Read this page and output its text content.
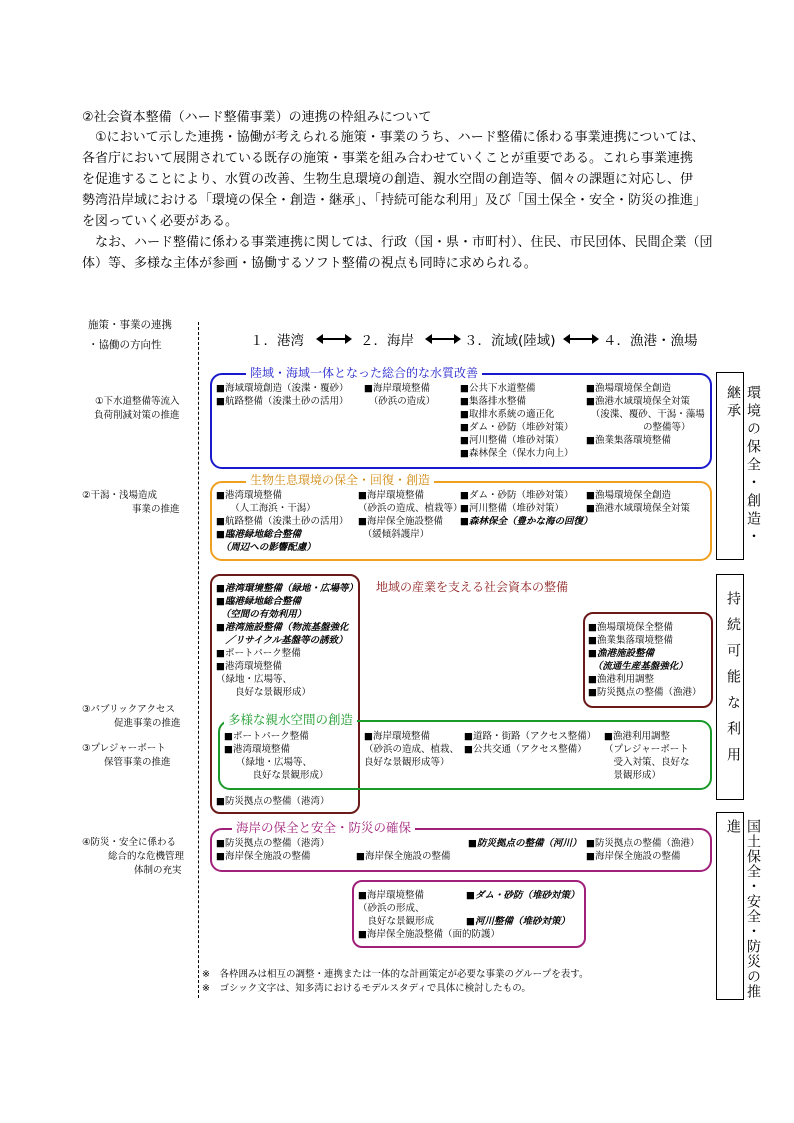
②社会資本整備（ハード整備事業）の連携の枠組みについて
　①において示した連携・協働が考えられる施策・事業のうち、ハード整備に係わる事業連携については、
各省庁において展開されている既存の施策・事業を組み合わせていくことが重要である。これら事業連携
を促進することにより、水質の改善、生物生息環境の創造、親水空間の創造等、個々の課題に対応し、伊
勢湾沿岸域における「環境の保全・創造・継承」、「持続可能な利用」及び「国土保全・安全・防災の推進」
を図っていく必要がある。
　なお、ハード整備に係わる事業連携に関しては、行政（国・県・市町村）、住民、市民団体、民間企業（団
体）等、多様な主体が参画・協働するソフト整備の視点も同時に求められる。
施策・事業の連携
・協働の方向性	１．港湾	２．海岸	３．流域(陸域)	４．漁港・漁場
①下水道整備等流入
負荷削減対策の推進
②干潟・浅場造成
事業の推進
③パブリックアクセス
促進事業の推進
③プレジャーボート
保管事業の推進
④防災・安全に係わる
総合的な危機管理
体制の充実
陸域・海域一体となった総合的な水質改善
■海域環境創造（浚渫・覆砂）
■航路整備（浚渫土砂の活用）
■海岸環境整備
　（砂浜の造成）
■公共下水道整備
■集落排水整備
■取排水系統の適正化
■ダム・砂防（堆砂対策）
■河川整備（堆砂対策）
■森林保全（保水力向上）
■漁場環境保全創造
■漁港水域環境保全対策
　（浚渫、覆砂、干潟・藻場
　　　　　　の整備等）
■漁業集落環境整備
生物生息環境の保全・回復・創造
■港湾環境整備
　　（人工海浜・干潟）
■航路整備（浚渫土砂の活用）
■臨港緑地総合整備
　（周辺への影響配慮）
■海岸環境整備
（砂浜の造成、植栽等）
■海岸保全施設整備
　（緩傾斜護岸）
■ダム・砂防（堆砂対策）
■河川整備（堆砂対策）
■森林保全（豊かな海の回復）
■漁場環境保全創造
■漁港水域環境保全対策
地域の産業を支える社会資本の整備
■港湾環境整備（緑地・広場等）
■臨港緑地総合整備
　（空間の有効利用）
■港湾施設整備（物流基盤強化
　／リサイクル基盤等の誘致）
■ポートパーク整備
■港湾環境整備
（緑地・広場等、
　　良好な景観形成）
■漁場環境保全整備
■漁業集落環境整備
■漁港施設整備
　（流通生産基盤強化）
■漁港利用調整
■防災拠点の整備（漁港）
多様な親水空間の創造
■ポートパーク整備
■港湾環境整備
（緑地・広場等、
　　　良好な景観形成）
■海岸環境整備
（砂浜の造成、植栽、
良好な景観形成等）
■道路・街路（アクセス整備）
■公共交通（アクセス整備）
■漁港利用調整
（プレジャーボート
　受入対策、良好な
　景観形成）
■防災拠点の整備（港湾）
海岸の保全と安全・防災の確保
■防災拠点の整備（港湾）
■海岸保全施設の整備	■海岸保全施設の整備
■防災拠点の整備（河川） ■防災拠点の整備（漁港）
■海岸保全施設の整備
■海岸環境整備
（砂浜の形成、
　良好な景観形成
■海岸保全施設整備（面的防護）
■ダム・砂防（堆砂対策）
■河川整備（堆砂対策）
環境の保全・創造・継承
持続可能な利用
国土保全・安全・防災の推進
※　各枠囲みは相互の調整・連携または一体的な計画策定が必要な事業のグループを表す。
※　ゴシック文字は、知多湾におけるモデルスタディで具体に検討したもの。
